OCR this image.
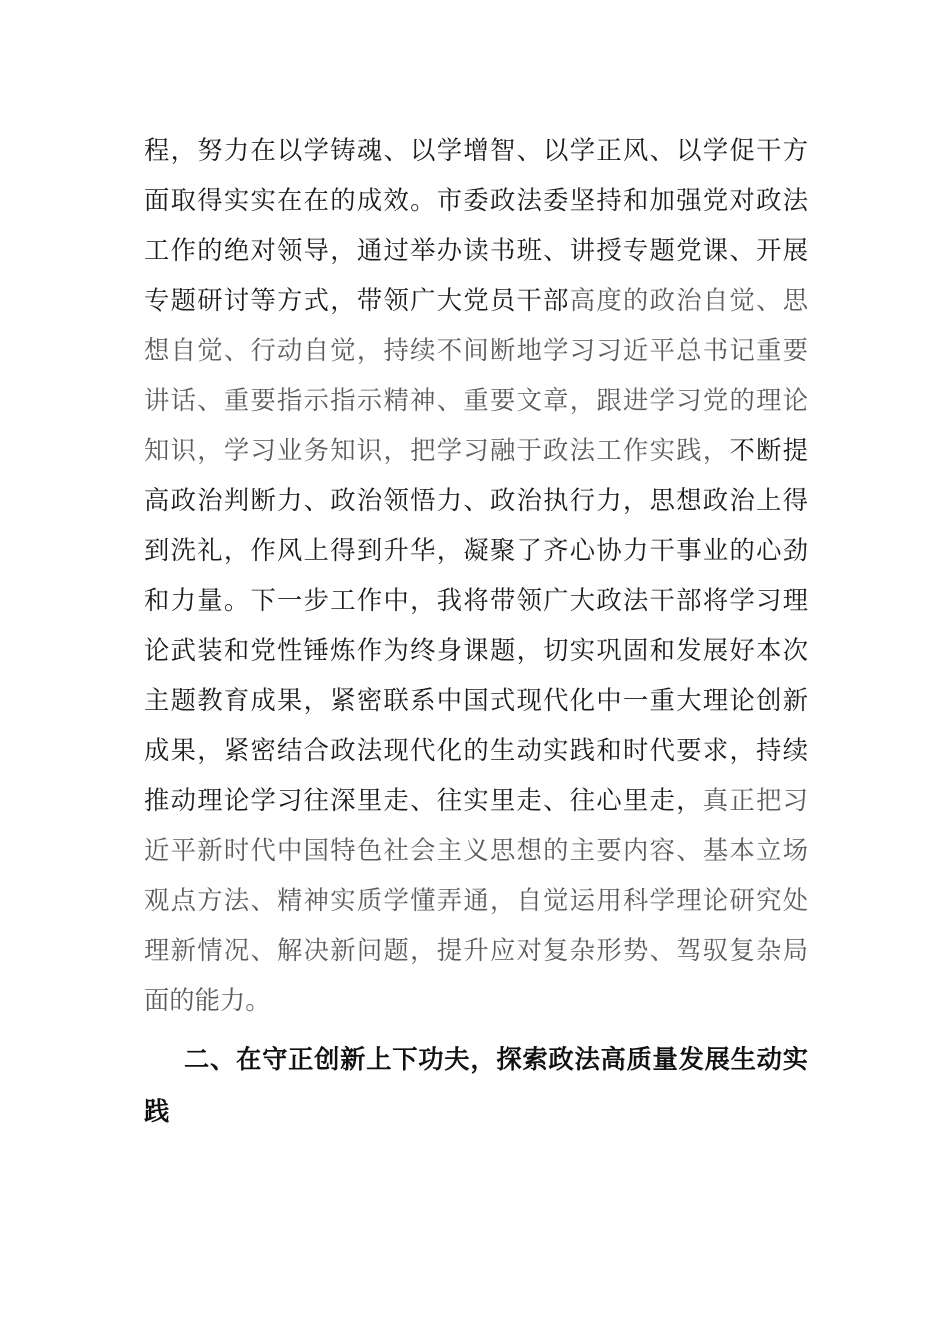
程，努力在以学铸魂、以学增智、以学正风、以学促干方
面取得实实在在的成效。市委政法委坚持和加强党对政法
工作的绝对领导，通过举办读书班、讲授专题党课、开展
专题研讨等方式，带领广大党员干部高度的政治自觉、思
想自觉、行动自觉，持续不间断地学习习近平总书记重要
讲话、重要指示指示精神、重要文章，跟进学习党的理论
知识，学习业务知识，把学习融于政法工作实践，不断提
高政治判断力、政治领悟力、政治执行力，思想政治上得
到洗礼，作风上得到升华，凝聚了齐心协力干事业的心劲
和力量。下一步工作中，我将带领广大政法干部将学习理
论武装和党性锤炼作为终身课题，切实巩固和发展好本次
主题教育成果，紧密联系中国式现代化中一重大理论创新
成果，紧密结合政法现代化的生动实践和时代要求，持续
推动理论学习往深里走、往实里走、往心里走，真正把习
近平新时代中国特色社会主义思想的主要内容、基本立场
观点方法、精神实质学懂弄通，自觉运用科学理论研究处
理新情况、解决新问题，提升应对复杂形势、驾驭复杂局
面的能力。
二、在守正创新上下功夫，探索政法高质量发展生动实
践
